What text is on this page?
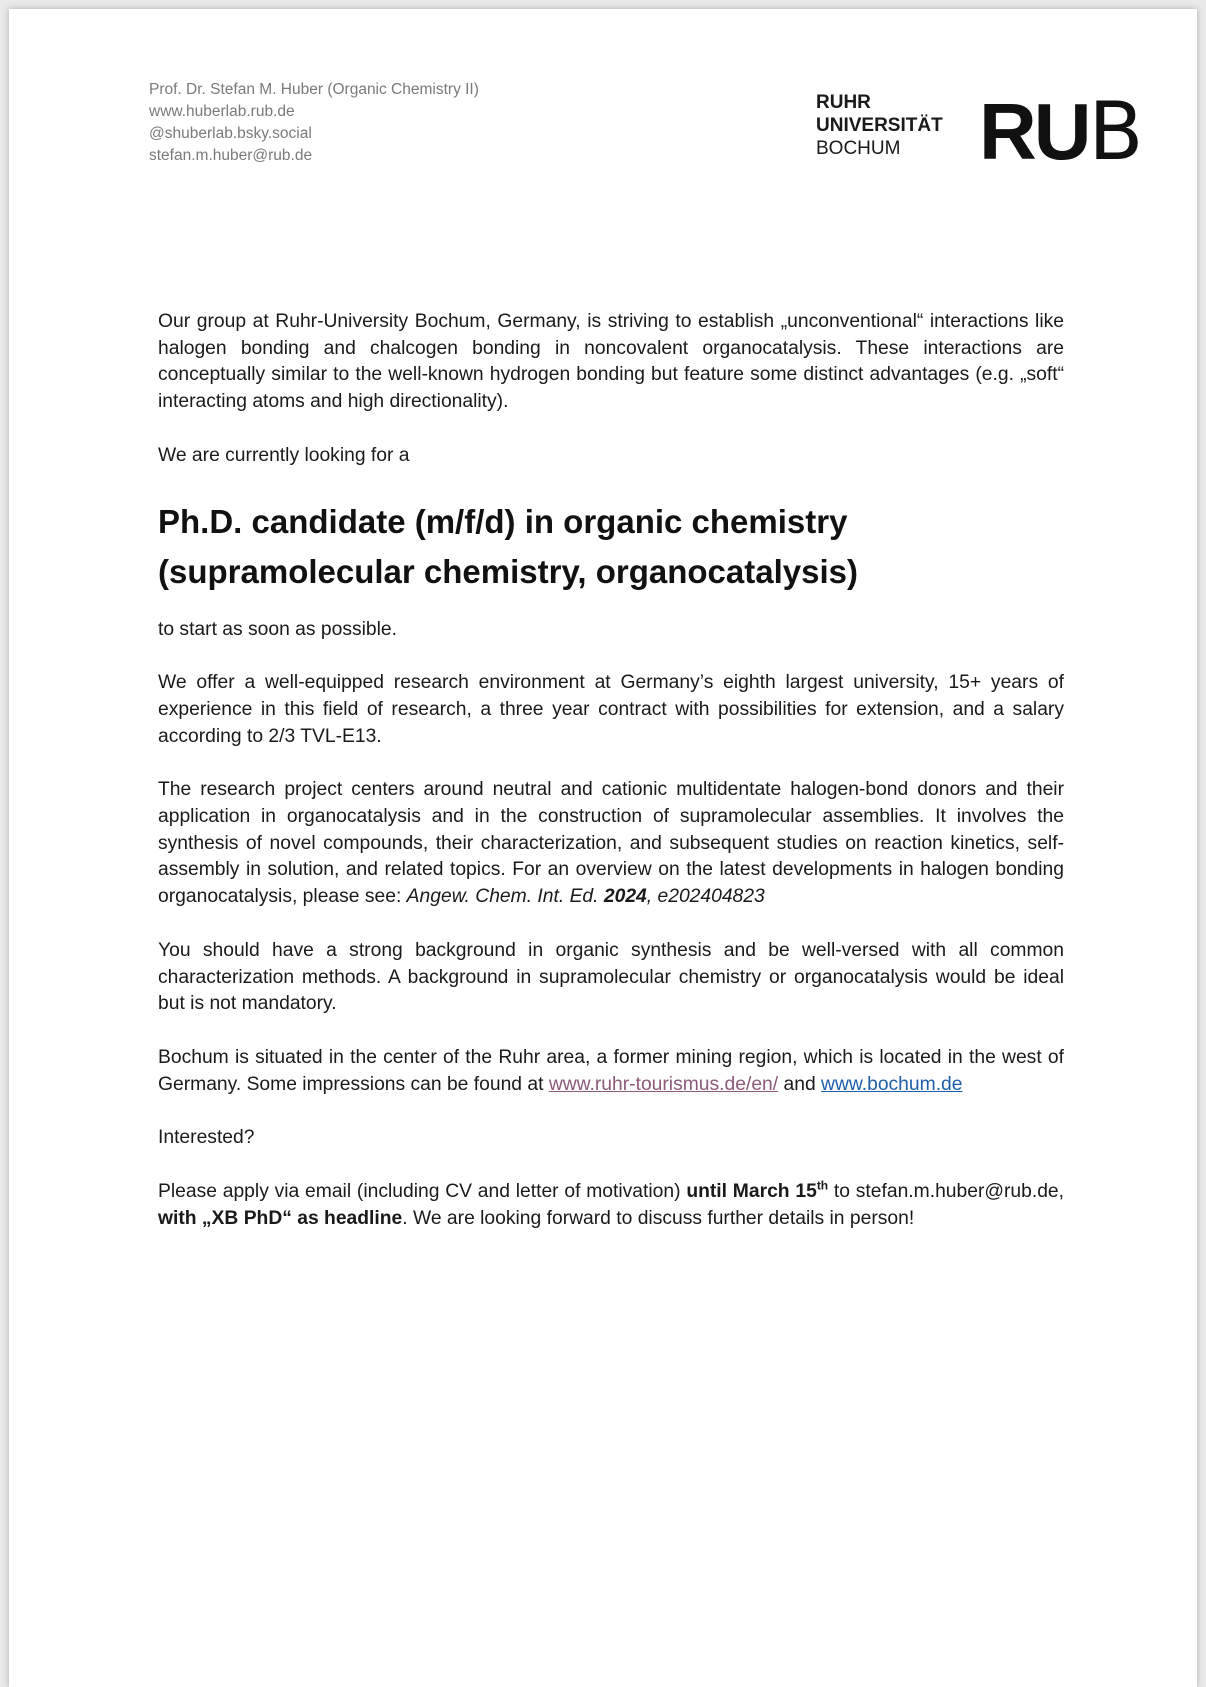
Prof. Dr. Stefan M. Huber (Organic Chemistry II)
www.huberlab.rub.de
@shuberlab.bsky.social
stefan.m.huber@rub.de
RUHR
UNIVERSITÄT
BOCHUM RUB

Our group at Ruhr-University Bochum, Germany, is striving to establish „unconventional“ interactions like halogen bonding and chalcogen bonding in noncovalent organocatalysis. These interactions are conceptually similar to the well-known hydrogen bonding but feature some distinct advantages (e.g. „soft“ interacting atoms and high directionality).

We are currently looking for a

Ph.D. candidate (m/f/d) in organic chemistry
(supramolecular chemistry, organocatalysis)

to start as soon as possible.

We offer a well-equipped research environment at Germany’s eighth largest university, 15+ years of experience in this field of research, a three year contract with possibilities for extension, and a salary according to 2/3 TVL-E13.

The research project centers around neutral and cationic multidentate halogen-bond donors and their application in organocatalysis and in the construction of supramolecular assemblies. It involves the synthesis of novel compounds, their characterization, and subsequent studies on reaction kinetics, self-assembly in solution, and related topics. For an overview on the latest developments in halogen bonding organocatalysis, please see: Angew. Chem. Int. Ed. 2024, e202404823

You should have a strong background in organic synthesis and be well-versed with all common characterization methods. A background in supramolecular chemistry or organocatalysis would be ideal but is not mandatory.

Bochum is situated in the center of the Ruhr area, a former mining region, which is located in the west of Germany. Some impressions can be found at www.ruhr-tourismus.de/en/ and www.bochum.de

Interested?

Please apply via email (including CV and letter of motivation) until March 15th to stefan.m.huber@rub.de, with „XB PhD“ as headline. We are looking forward to discuss further details in person!
